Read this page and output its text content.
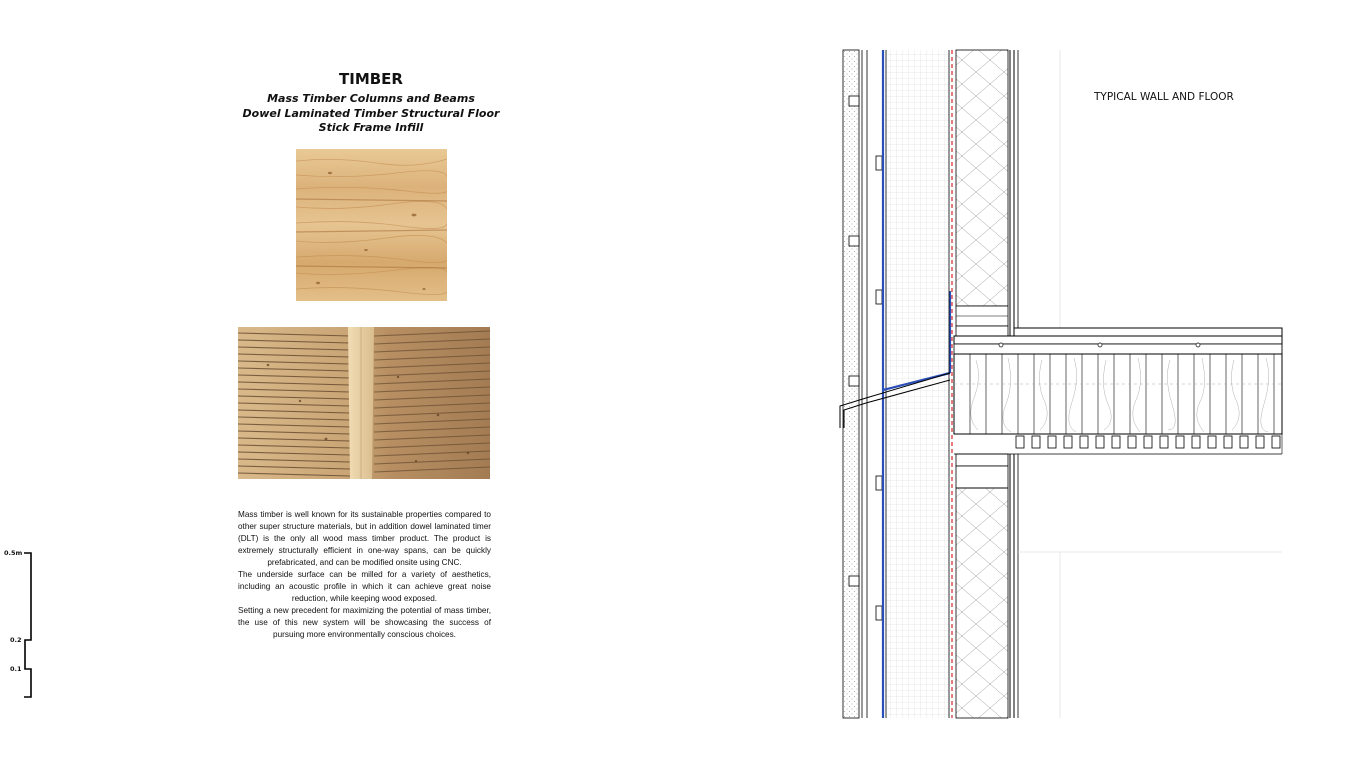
TIMBER
Mass Timber Columns and Beams
Dowel Laminated Timber Structural Floor
Stick Frame Infill

Mass timber is well known for its sustainable properties compared to other super structure materials, but in addition dowel laminated timer (DLT) is the only all wood mass timber product. The product is extremely structurally efficient in one-way spans, can be quickly prefabricated, and can be modified onsite using CNC.

The underside surface can be milled for a variety of aesthetics, including an acoustic profile in which it can achieve great noise reduction, while keeping wood exposed.

Setting a new precedent for maximizing the potential of mass timber, the use of this new system will be showcasing the success of pursuing more environmentally conscious choices.

0.5m
0.2
0.1
TYPICAL WALL AND FLOOR
